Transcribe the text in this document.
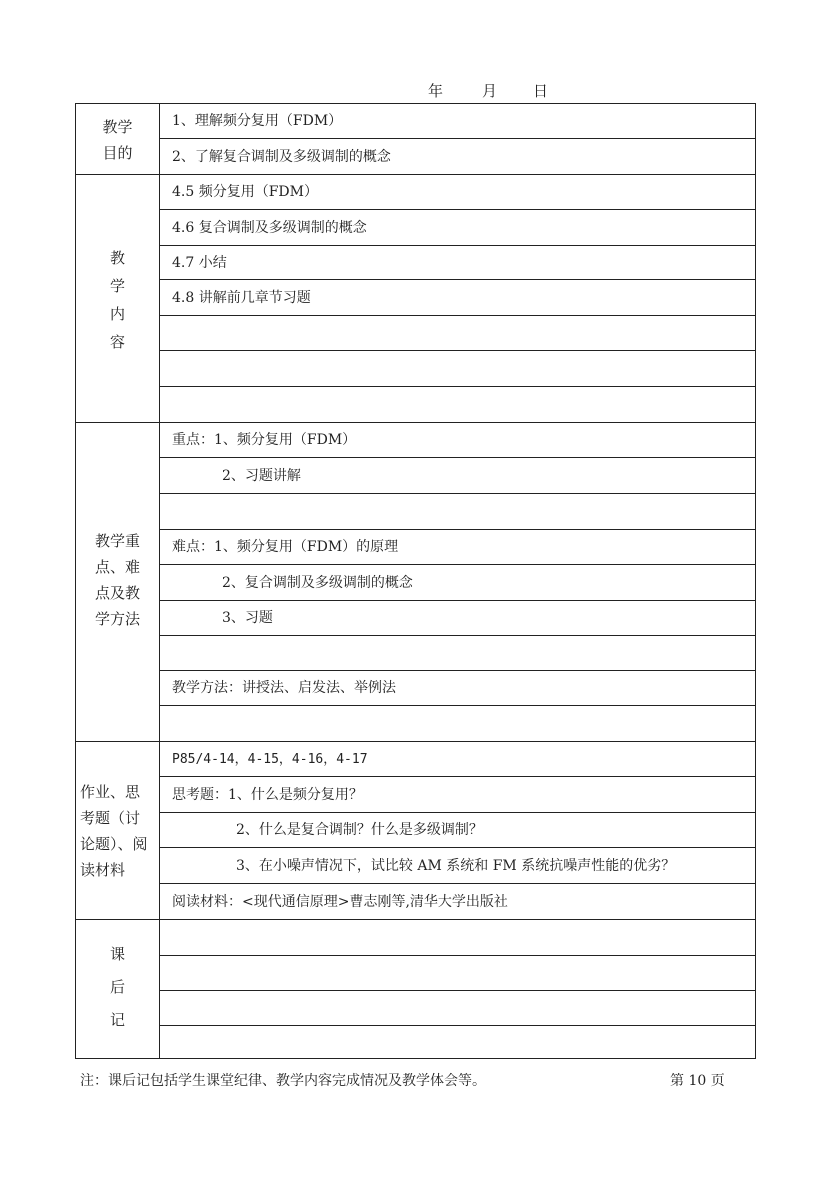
年	月 日
教学
目的
1、理解频分复用（FDM）
2、了解复合调制及多级调制的概念
教
学
内
容
4.5 频分复用（FDM）
4.6 复合调制及多级调制的概念
4.7 小结
4.8 讲解前几章节习题
教学重
点、难
点及教
学方法
重点：1、频分复用（FDM）
2、习题讲解
难点：1、频分复用（FDM）的原理
2、复合调制及多级调制的概念
3、习题
教学方法：讲授法、启发法、举例法
作业、思
考题（讨
论题）、阅
读材料
P85/4-14，4-15，4-16，4-17
思考题：1、什么是频分复用？
2、什么是复合调制？什么是多级调制？
3、在小噪声情况下，试比较 AM 系统和 FM 系统抗噪声性能的优劣？
阅读材料：<现代通信原理>曹志刚等,清华大学出版社
课
后
记
注：课后记包括学生课堂纪律、教学内容完成情况及教学体会等。	第 10 页
